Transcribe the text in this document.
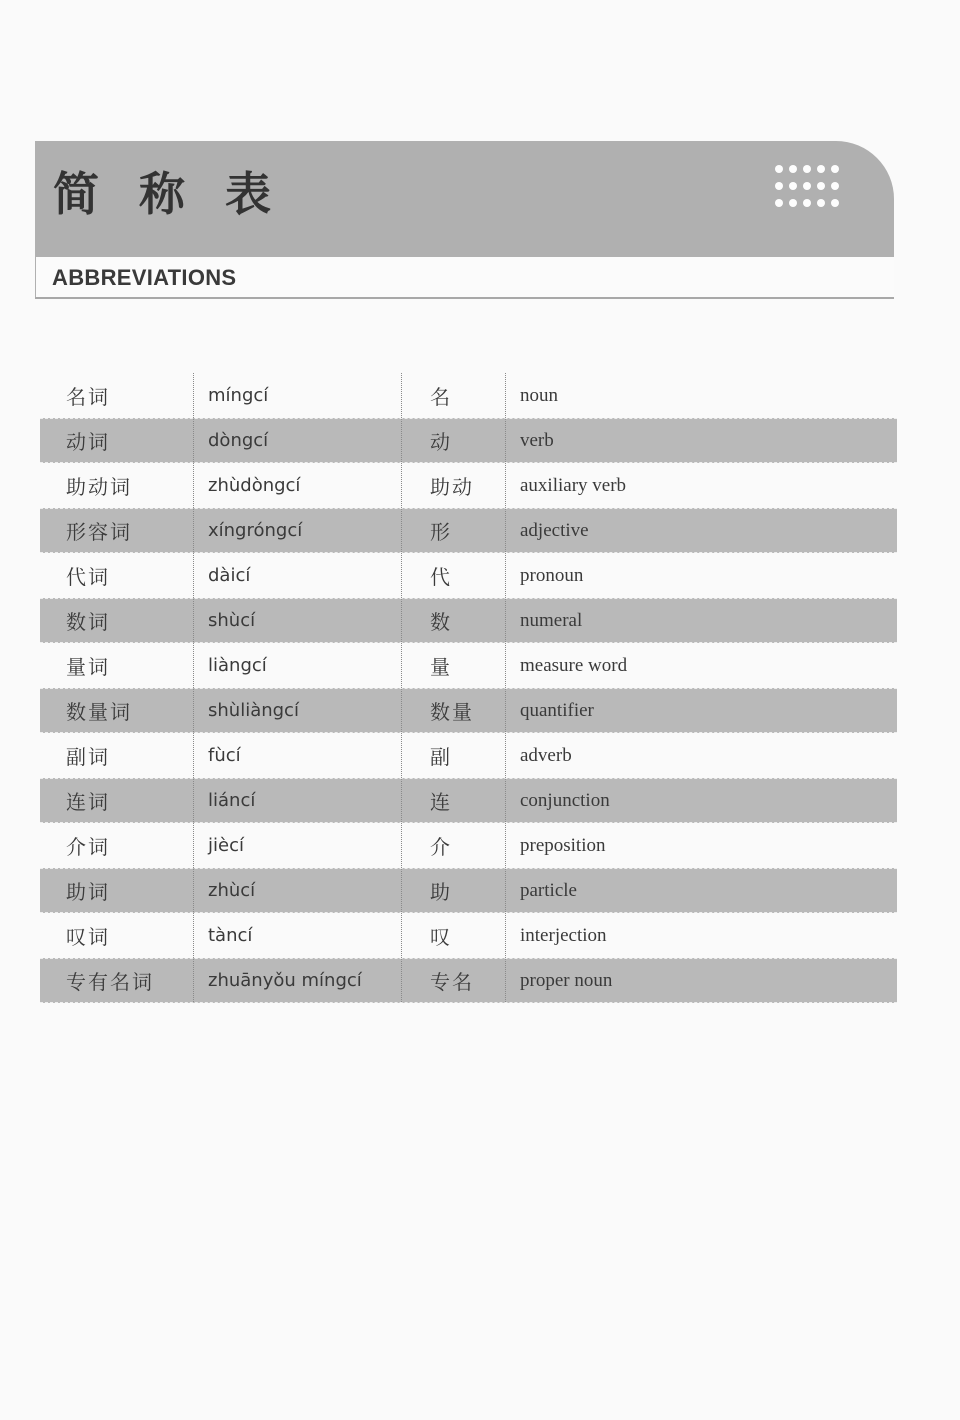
简 称 表
ABBREVIATIONS
名词	míngcí	名	noun
动词	dòngcí	动	verb
助动词	zhùdòngcí	助动	auxiliary verb
形容词	xíngróngcí	形	adjective
代词	dàicí	代	pronoun
数词	shùcí	数	numeral
量词	liàngcí	量	measure word
数量词	shùliàngcí	数量	quantifier
副词	fùcí	副	adverb
连词	liáncí	连	conjunction
介词	jiècí	介	preposition
助词	zhùcí	助	particle
叹词	tàncí	叹	interjection
专有名词	zhuānyǒu míngcí	专名	proper noun
